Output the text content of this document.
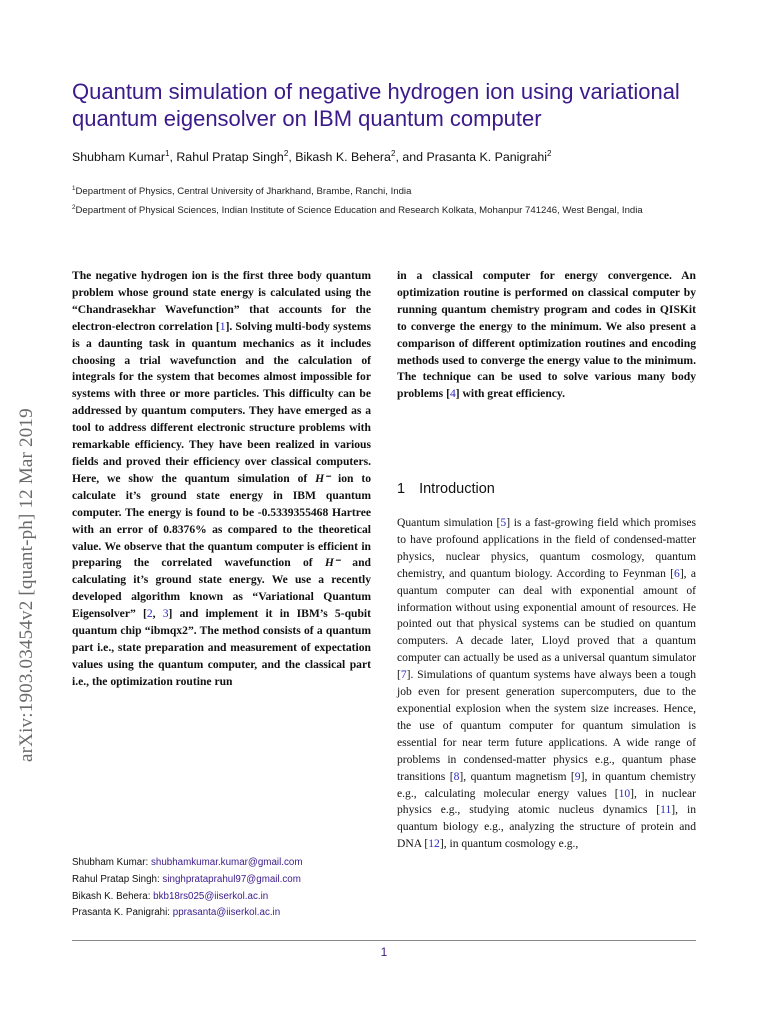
Quantum simulation of negative hydrogen ion using variational quantum eigensolver on IBM quantum computer
Shubham Kumar$^1$, Rahul Pratap Singh$^2$, Bikash K. Behera$^2$, and Prasanta K. Panigrahi$^2$
$^1$Department of Physics, Central University of Jharkhand, Brambe, Ranchi, India
$^2$Department of Physical Sciences, Indian Institute of Science Education and Research Kolkata, Mohanpur 741246, West Bengal, India
arXiv:1903.03454v2 [quant-ph] 12 Mar 2019

The negative hydrogen ion is the first three body quantum problem whose ground state energy is calculated using the “Chandrasekhar Wavefunction” that accounts for the electron-electron correlation [1]. Solving multi-body systems is a daunting task in quantum mechanics as it includes choosing a trial wavefunction and the calculation of integrals for the system that becomes almost impossible for systems with three or more particles. This difficulty can be addressed by quantum computers. They have emerged as a tool to address different electronic structure problems with remarkable efficiency. They have been realized in various fields and proved their efficiency over classical computers. Here, we show the quantum simulation of H⁻ ion to calculate it’s ground state energy in IBM quantum computer. The energy is found to be -0.5339355468 Hartree with an error of 0.8376% as compared to the theoretical value. We observe that the quantum computer is efficient in preparing the correlated wavefunction of H⁻ and calculating it’s ground state energy. We use a recently developed algorithm known as “Variational Quantum Eigensolver” [2, 3] and implement it in IBM’s 5-qubit quantum chip “ibmqx2”. The method consists of a quantum part i.e., state preparation and measurement of expectation values using the quantum computer, and the classical part i.e., the optimization routine run

in a classical computer for energy convergence. An optimization routine is performed on classical computer by running quantum chemistry program and codes in QISKit to converge the energy to the minimum. We also present a comparison of different optimization routines and encoding methods used to converge the energy value to the minimum. The technique can be used to solve various many body problems [4] with great efficiency.

1 Introduction

Quantum simulation [5] is a fast-growing field which promises to have profound applications in the field of condensed-matter physics, nuclear physics, quantum cosmology, quantum chemistry, and quantum biology. According to Feynman [6], a quantum computer can deal with exponential amount of information without using exponential amount of resources. He pointed out that physical systems can be studied on quantum computers. A decade later, Lloyd proved that a quantum computer can actually be used as a universal quantum simulator [7]. Simulations of quantum systems have always been a tough job even for present generation supercomputers, due to the exponential explosion when the system size increases. Hence, the use of quantum computer for quantum simulation is essential for near term future applications. A wide range of problems in condensed-matter physics e.g., quantum phase transitions [8], quantum magnetism [9], in quantum chemistry e.g., calculating molecular energy values [10], in nuclear physics e.g., studying atomic nucleus dynamics [11], in quantum biology e.g., analyzing the structure of protein and DNA [12], in quantum cosmology e.g.,

Shubham Kumar: shubhamkumar.kumar@gmail.com
Rahul Pratap Singh: singhprataprahul97@gmail.com
Bikash K. Behera: bkb18rs025@iiserkol.ac.in
Prasanta K. Panigrahi: pprasanta@iiserkol.ac.in
1
